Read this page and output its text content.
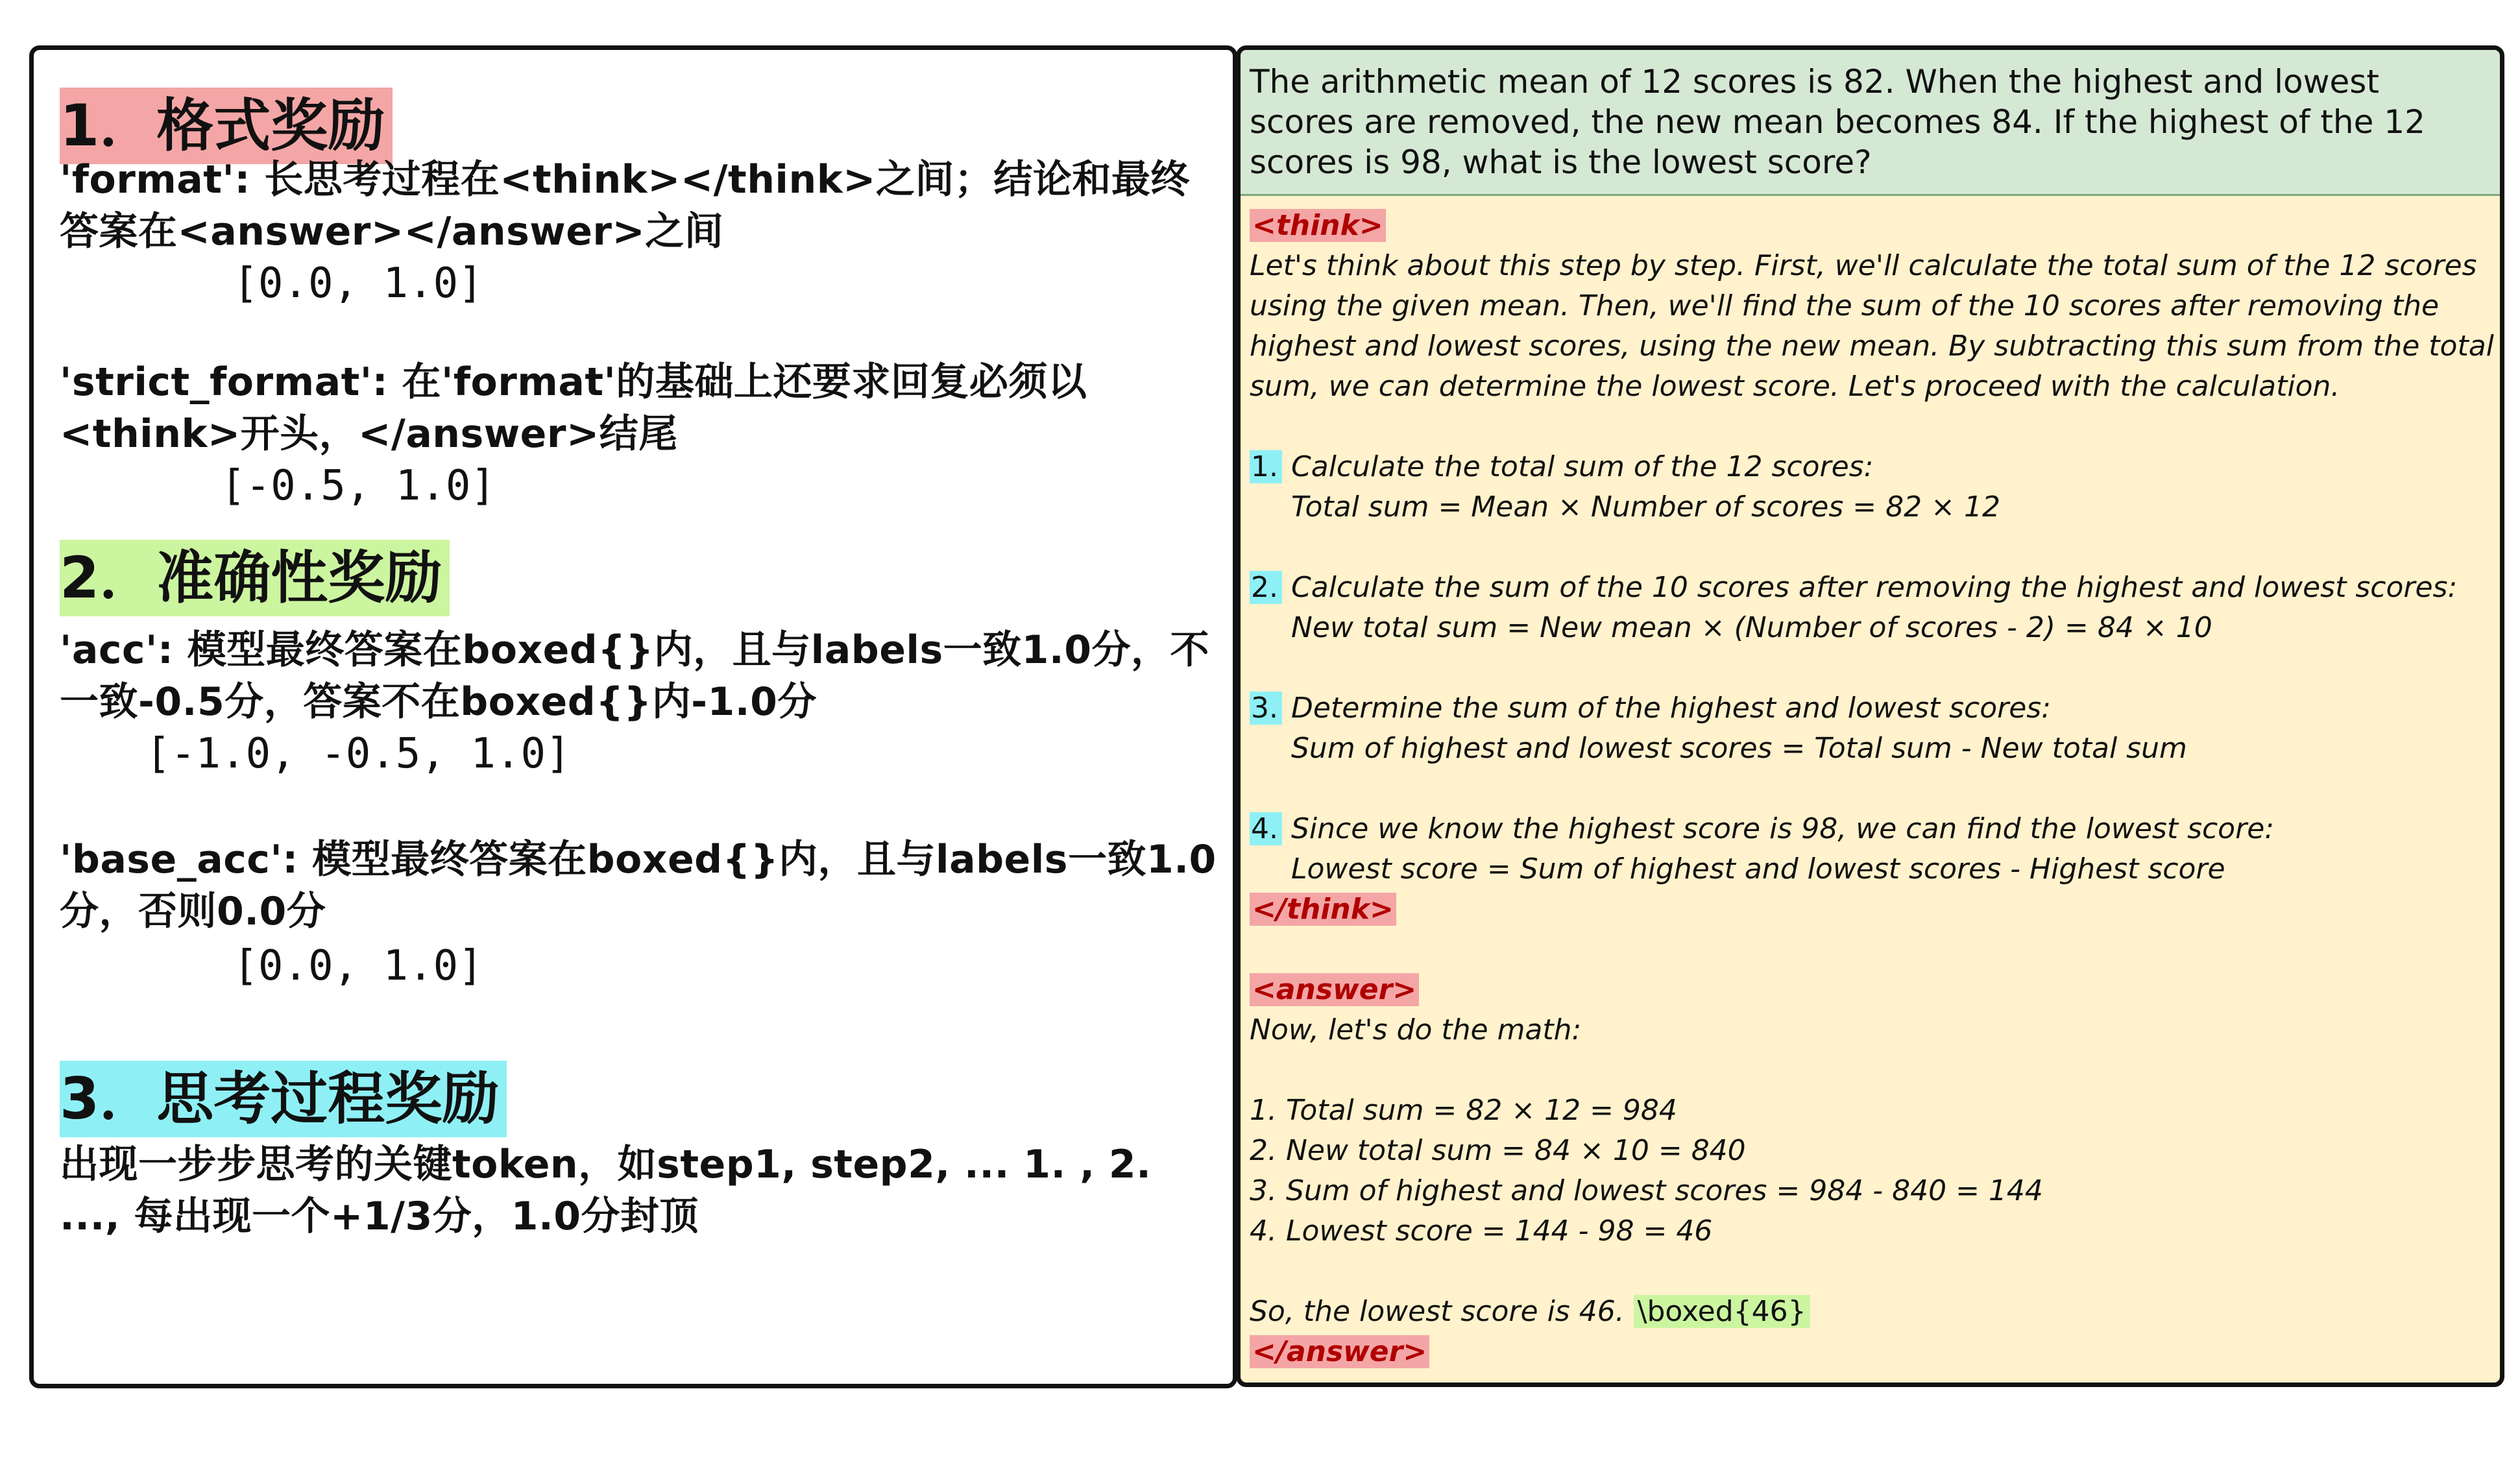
1．格式奖励
'format': 长思考过程在<think></think>之间；结论和最终答案在<answer></answer>之间
[0.0, 1.0]
'strict_format': 在'format'的基础上还要求回复必须以<think>开头，</answer>结尾
[-0.5, 1.0]
2．准确性奖励
'acc': 模型最终答案在boxed{}内，且与labels一致1.0分，不一致-0.5分，答案不在boxed{}内-1.0分
[-1.0, -0.5, 1.0]
'base_acc': 模型最终答案在boxed{}内，且与labels一致1.0分，否则0.0分
[0.0, 1.0]
3．思考过程奖励
出现一步步思考的关键token，如step1, step2, ... 1. , 2. ..., 每出现一个+1/3分，1.0分封顶
The arithmetic mean of 12 scores is 82. When the highest and lowest scores are removed, the new mean becomes 84. If the highest of the 12 scores is 98, what is the lowest score?
<think>
Let's think about this step by step. First, we'll calculate the total sum of the 12 scores
using the given mean. Then, we'll find the sum of the 10 scores after removing the
highest and lowest scores, using the new mean. By subtracting this sum from the total
sum, we can determine the lowest score. Let's proceed with the calculation.
1. Calculate the total sum of the 12 scores:
Total sum = Mean × Number of scores = 82 × 12
2. Calculate the sum of the 10 scores after removing the highest and lowest scores:
New total sum = New mean × (Number of scores - 2) = 84 × 10
3. Determine the sum of the highest and lowest scores:
Sum of highest and lowest scores = Total sum - New total sum
4. Since we know the highest score is 98, we can find the lowest score:
Lowest score = Sum of highest and lowest scores - Highest score
</think>
<answer>
Now, let's do the math:
1. Total sum = 82 × 12 = 984
2. New total sum = 84 × 10 = 840
3. Sum of highest and lowest scores = 984 - 840 = 144
4. Lowest score = 144 - 98 = 46
So, the lowest score is 46. \boxed{46}
</answer>
